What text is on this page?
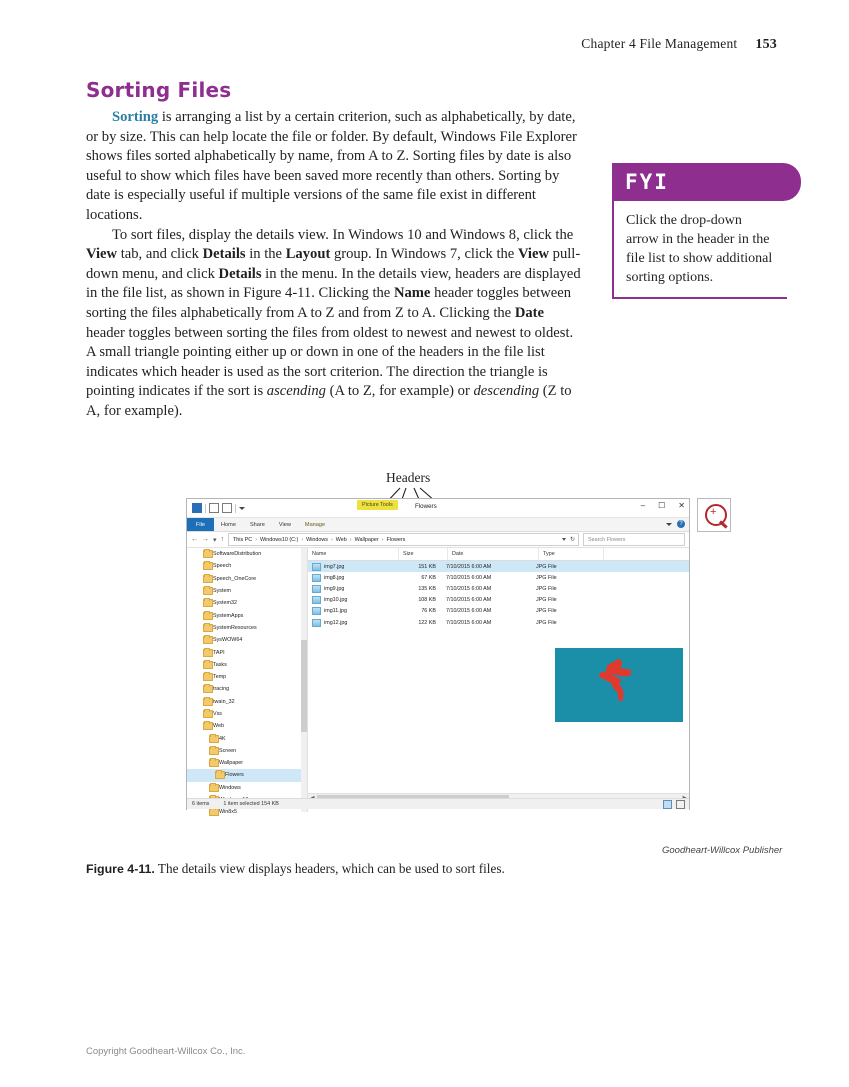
Chapter 4 File Management 153
Sorting Files

Sorting is arranging a list by a certain criterion, such as alphabetically, by date, or by size. This can help locate the file or folder. By default, Windows File Explorer shows files sorted alphabetically by name, from A to Z. Sorting files by date is also useful to show which files have been saved more recently than others. Sorting by date is especially useful if multiple versions of the same file exist in different locations.

To sort files, display the details view. In Windows 10 and Windows 8, click the View tab, and click Details in the Layout group. In Windows 7, click the View pull-down menu, and click Details in the menu. In the details view, headers are displayed in the file list, as shown in Figure 4-11. Clicking the Name header toggles between sorting the files alphabetically from A to Z and from Z to A. Clicking the Date header toggles between sorting the files from oldest to newest and newest to oldest. A small triangle pointing either up or down in one of the headers in the file list indicates which header is used as the sort criterion. The direction the triangle is pointing indicates if the sort is ascending (A to Z, for example) or descending (Z to A, for example).

FYI
Click the drop-down arrow in the header in the file list to show additional sorting options.
Headers
Picture Tools	Flowers	– ☐ ✕
File	Home	Share	View	Manage	?
← → ▾ ↑ This PC › Windows10 (C:) › Windows › Web › Wallpaper › Flowers	↻	Search Flowers
SoftwareDistribution
Speech
Speech_OneCore
System
System32
SystemApps
SystemResources
SysWOW64
TAPI
Tasks
Temp
tracing
twain_32
Vss
Web
4K
Screen
Wallpaper
Flowers
Windows
Win8x5
Name	Size	Date	Type
img7.jpg	151 KB	7/10/2015 6:00 AM	JPG File
img8.jpg	67 KB	7/10/2015 6:00 AM	JPG File
img9.jpg	135 KB	7/10/2015 6:00 AM	JPG File
img10.jpg	108 KB	7/10/2015 6:00 AM	JPG File
img11.jpg	76 KB	7/10/2015 6:00 AM	JPG File
img12.jpg	122 KB	7/10/2015 6:00 AM	JPG File
6 items	1 item selected 154 KB
+
Goodheart-Willcox Publisher
Figure 4-11. The details view displays headers, which can be used to sort files.
Copyright Goodheart-Willcox Co., Inc.
